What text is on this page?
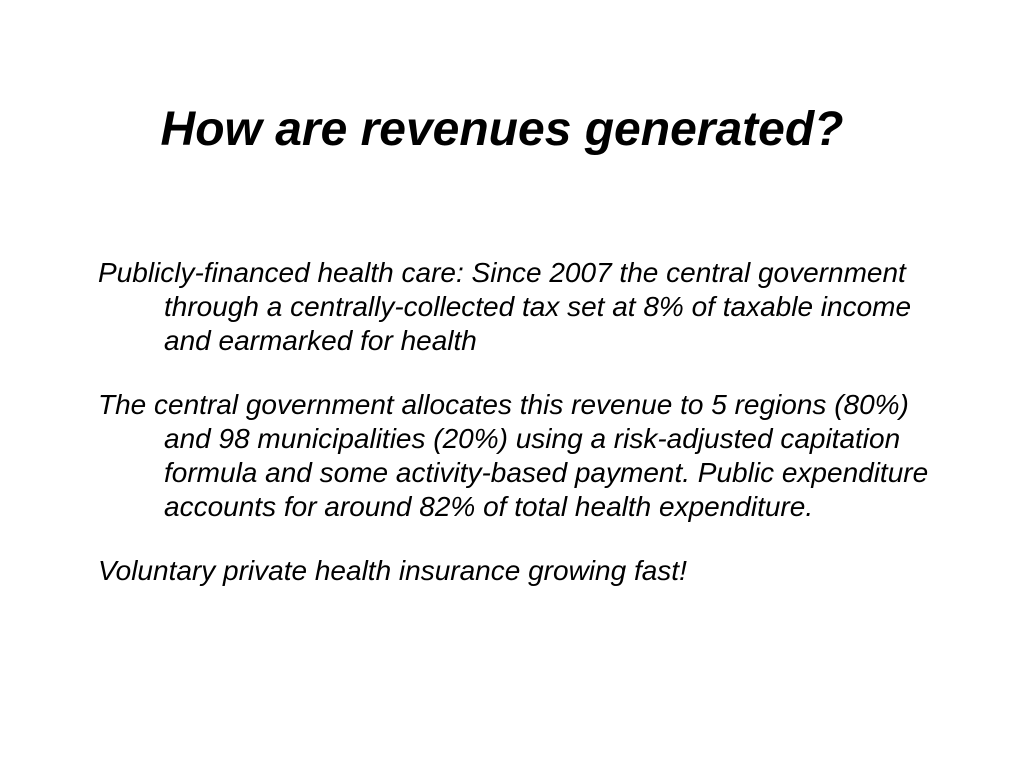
How are revenues generated?

Publicly-financed health care: Since 2007 the central government through a centrally-collected tax set at 8% of taxable income and earmarked for health

The central government allocates this revenue to 5 regions (80%) and 98 municipalities (20%) using a risk-adjusted capitation formula and some activity-based payment. Public expenditure accounts for around 82% of total health expenditure.

Voluntary private health insurance growing fast!
